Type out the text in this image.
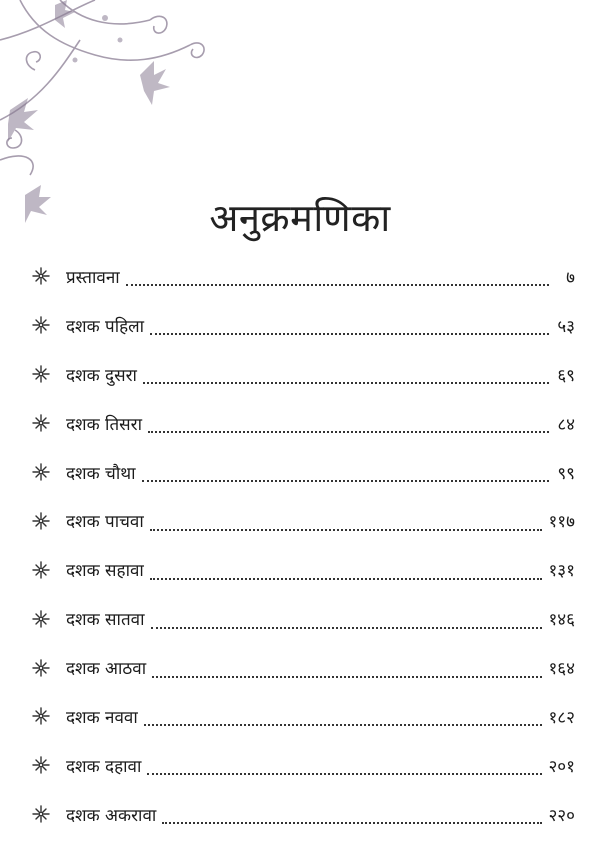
अनुक्रमणिका
प्रस्तावना	७
दशक पहिला	५३
दशक दुसरा	६९
दशक तिसरा	८४
दशक चौथा	९९
दशक पाचवा	११७
दशक सहावा	१३१
दशक सातवा	१४६
दशक आठवा	१६४
दशक नववा	१८२
दशक दहावा	२०१
दशक अकरावा	२२०
